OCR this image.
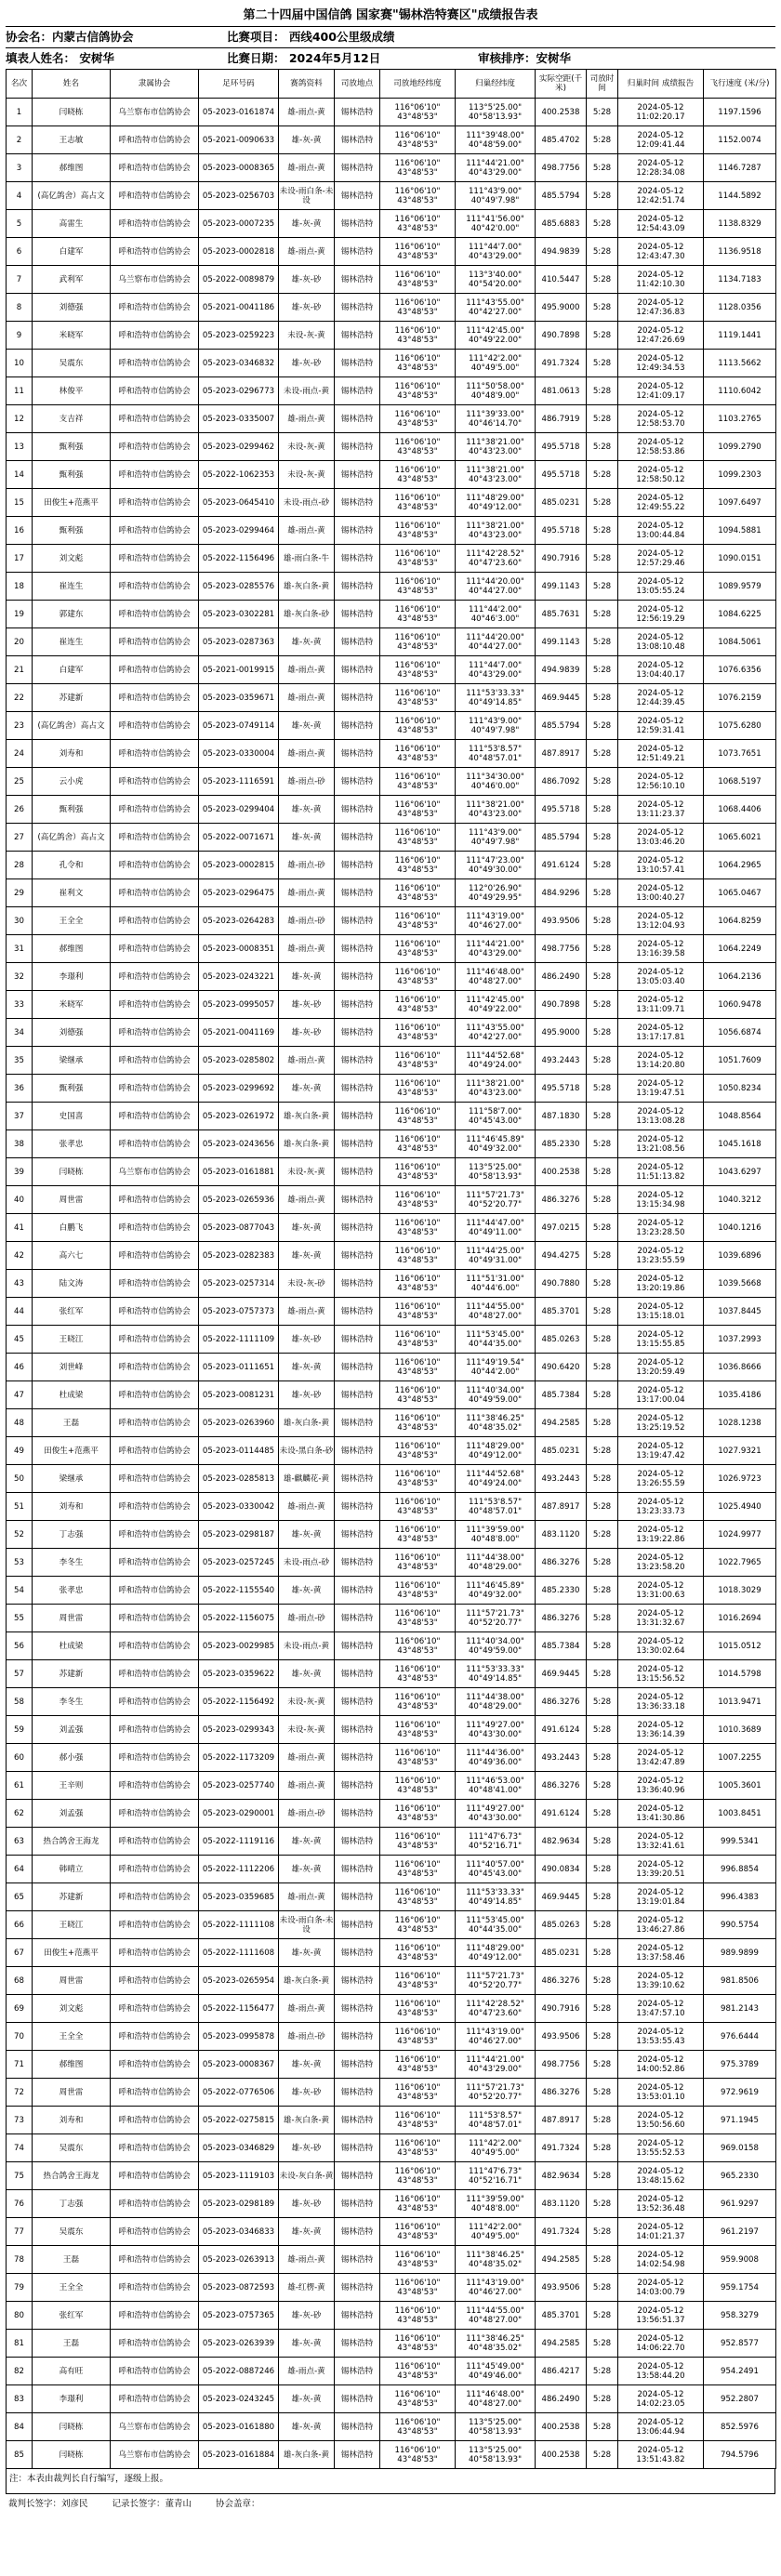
第二十四届中国信鸽 国家赛"锡林浩特赛区"成绩报告表
协会名：内蒙古信鸽协会	比赛项目： 西线400公里级成绩
填表人姓名： 安树华	比赛日期： 2024年5月12日	审核排序：安树华
名次	姓名	隶属协会	足环号码	赛鸽资料	司放地点	司放地经纬度	归巢经纬度	实际空距(千米)	司放时间	归巢时间 成绩报告	飞行速度 (米/分)
1	闫晓栋	乌兰察布市信鸽协会	05-2023-0161874	雄-雨点-黄	锡林浩特	116°06'10" 43°48'53"	113°5'25.00" 40°58'13.93"	400.2538	5:28	2024-05-12 11:02:20.17	1197.1596
2	王志敏	呼和浩特市信鸽协会	05-2021-0090633	雄-灰-黄	锡林浩特	116°06'10" 43°48'53"	111°39'48.00" 40°48'59.00"	485.4702	5:28	2024-05-12 12:09:41.44	1152.0074
3	郝维图	呼和浩特市信鸽协会	05-2023-0008365	雄-雨点-黄	锡林浩特	116°06'10" 43°48'53"	111°44'21.00" 40°43'29.00"	498.7756	5:28	2024-05-12 12:28:34.08	1146.7287
4	(高亿鸽舍）高占文	呼和浩特市信鸽协会	05-2023-0256703	未设-雨白条-未设	锡林浩特	116°06'10" 43°48'53"	111°43'9.00" 40°49'7.98"	485.5794	5:28	2024-05-12 12:42:51.74	1144.5892
5	高雷生	呼和浩特市信鸽协会	05-2023-0007235	雄-灰-黄	锡林浩特	116°06'10" 43°48'53"	111°41'56.00" 40°42'0.00"	485.6883	5:28	2024-05-12 12:54:43.09	1138.8329
6	白建军	呼和浩特市信鸽协会	05-2023-0002818	雄-雨点-黄	锡林浩特	116°06'10" 43°48'53"	111°44'7.00" 40°43'29.00"	494.9839	5:28	2024-05-12 12:43:47.30	1136.9518
7	武利军	乌兰察布市信鸽协会	05-2022-0089879	雄-灰-砂	锡林浩特	116°06'10" 43°48'53"	113°3'40.00" 40°54'20.00"	410.5447	5:28	2024-05-12 11:42:10.30	1134.7183
8	刘德强	呼和浩特市信鸽协会	05-2021-0041186	雄-灰-砂	锡林浩特	116°06'10" 43°48'53"	111°43'55.00" 40°42'27.00"	495.9000	5:28	2024-05-12 12:47:36.83	1128.0356
9	米晓军	呼和浩特市信鸽协会	05-2023-0259223	未设-灰-黄	锡林浩特	116°06'10" 43°48'53"	111°42'45.00" 40°49'22.00"	490.7898	5:28	2024-05-12 12:47:26.69	1119.1441
10	吴震东	呼和浩特市信鸽协会	05-2023-0346832	雄-灰-砂	锡林浩特	116°06'10" 43°48'53"	111°42'2.00" 40°49'5.00"	491.7324	5:28	2024-05-12 12:49:34.53	1113.5662
11	林俊平	呼和浩特市信鸽协会	05-2023-0296773	未设-雨点-黄	锡林浩特	116°06'10" 43°48'53"	111°50'58.00" 40°48'9.00"	481.0613	5:28	2024-05-12 12:41:09.17	1110.6042
12	支吉祥	呼和浩特市信鸽协会	05-2023-0335007	雄-雨点-黄	锡林浩特	116°06'10" 43°48'53"	111°39'33.00" 40°46'14.70"	486.7919	5:28	2024-05-12 12:58:53.70	1103.2765
13	甄利强	呼和浩特市信鸽协会	05-2023-0299462	未设-灰-黄	锡林浩特	116°06'10" 43°48'53"	111°38'21.00" 40°43'23.00"	495.5718	5:28	2024-05-12 12:58:53.86	1099.2790
14	甄利强	呼和浩特市信鸽协会	05-2022-1062353	未设-灰-黄	锡林浩特	116°06'10" 43°48'53"	111°38'21.00" 40°43'23.00"	495.5718	5:28	2024-05-12 12:58:50.12	1099.2303
15	田俊生+范燕平	呼和浩特市信鸽协会	05-2023-0645410	未设-雨点-砂	锡林浩特	116°06'10" 43°48'53"	111°48'29.00" 40°49'12.00"	485.0231	5:28	2024-05-12 12:49:55.22	1097.6497
16	甄利强	呼和浩特市信鸽协会	05-2023-0299464	雄-雨点-黄	锡林浩特	116°06'10" 43°48'53"	111°38'21.00" 40°43'23.00"	495.5718	5:28	2024-05-12 13:00:44.84	1094.5881
17	刘文彪	呼和浩特市信鸽协会	05-2022-1156496	雄-雨白条-牛	锡林浩特	116°06'10" 43°48'53"	111°42'28.52" 40°47'23.60"	490.7916	5:28	2024-05-12 12:57:29.46	1090.0151
18	崔连生	呼和浩特市信鸽协会	05-2023-0285576	雄-灰白条-黄	锡林浩特	116°06'10" 43°48'53"	111°44'20.00" 40°44'27.00"	499.1143	5:28	2024-05-12 13:05:55.24	1089.9579
19	郭建东	呼和浩特市信鸽协会	05-2023-0302281	雄-灰白条-砂	锡林浩特	116°06'10" 43°48'53"	111°44'2.00" 40°46'3.00"	485.7631	5:28	2024-05-12 12:56:19.29	1084.6225
20	崔连生	呼和浩特市信鸽协会	05-2023-0287363	雄-灰-黄	锡林浩特	116°06'10" 43°48'53"	111°44'20.00" 40°44'27.00"	499.1143	5:28	2024-05-12 13:08:10.48	1084.5061
21	白建军	呼和浩特市信鸽协会	05-2021-0019915	雄-雨点-黄	锡林浩特	116°06'10" 43°48'53"	111°44'7.00" 40°43'29.00"	494.9839	5:28	2024-05-12 13:04:40.17	1076.6356
22	苏建新	呼和浩特市信鸽协会	05-2023-0359671	雄-雨点-黄	锡林浩特	116°06'10" 43°48'53"	111°53'33.33" 40°49'14.85"	469.9445	5:28	2024-05-12 12:44:39.45	1076.2159
23	(高亿鸽舍）高占文	呼和浩特市信鸽协会	05-2023-0749114	雄-灰-黄	锡林浩特	116°06'10" 43°48'53"	111°43'9.00" 40°49'7.98"	485.5794	5:28	2024-05-12 12:59:31.41	1075.6280
24	刘寿和	呼和浩特市信鸽协会	05-2023-0330004	雄-雨点-黄	锡林浩特	116°06'10" 43°48'53"	111°53'8.57" 40°48'57.01"	487.8917	5:28	2024-05-12 12:51:49.21	1073.7651
25	云小虎	呼和浩特市信鸽协会	05-2023-1116591	雄-雨点-砂	锡林浩特	116°06'10" 43°48'53"	111°34'30.00" 40°46'0.00"	486.7092	5:28	2024-05-12 12:56:10.10	1068.5197
26	甄利强	呼和浩特市信鸽协会	05-2023-0299404	雄-灰-黄	锡林浩特	116°06'10" 43°48'53"	111°38'21.00" 40°43'23.00"	495.5718	5:28	2024-05-12 13:11:23.37	1068.4406
27	(高亿鸽舍）高占文	呼和浩特市信鸽协会	05-2022-0071671	雄-灰-黄	锡林浩特	116°06'10" 43°48'53"	111°43'9.00" 40°49'7.98"	485.5794	5:28	2024-05-12 13:03:46.20	1065.6021
28	孔令和	呼和浩特市信鸽协会	05-2023-0002815	雄-雨点-砂	锡林浩特	116°06'10" 43°48'53"	111°47'23.00" 40°49'30.00"	491.6124	5:28	2024-05-12 13:10:57.41	1064.2965
29	崔利文	呼和浩特市信鸽协会	05-2023-0296475	雄-雨点-黄	锡林浩特	116°06'10" 43°48'53"	112°0'26.90" 40°49'29.95"	484.9296	5:28	2024-05-12 13:00:40.27	1065.0467
30	王全全	呼和浩特市信鸽协会	05-2023-0264283	雄-雨点-砂	锡林浩特	116°06'10" 43°48'53"	111°43'19.00" 40°46'27.00"	493.9506	5:28	2024-05-12 13:12:04.93	1064.8259
31	郝维图	呼和浩特市信鸽协会	05-2023-0008351	雄-雨点-黄	锡林浩特	116°06'10" 43°48'53"	111°44'21.00" 40°43'29.00"	498.7756	5:28	2024-05-12 13:16:39.58	1064.2249
32	李璟利	呼和浩特市信鸽协会	05-2023-0243221	雄-灰-黄	锡林浩特	116°06'10" 43°48'53"	111°46'48.00" 40°48'27.00"	486.2490	5:28	2024-05-12 13:05:03.40	1064.2136
33	米晓军	呼和浩特市信鸽协会	05-2023-0995057	雄-灰-砂	锡林浩特	116°06'10" 43°48'53"	111°42'45.00" 40°49'22.00"	490.7898	5:28	2024-05-12 13:11:09.71	1060.9478
34	刘德强	呼和浩特市信鸽协会	05-2021-0041169	雄-灰-砂	锡林浩特	116°06'10" 43°48'53"	111°43'55.00" 40°42'27.00"	495.9000	5:28	2024-05-12 13:17:17.81	1056.6874
35	梁继承	呼和浩特市信鸽协会	05-2023-0285802	雄-雨点-黄	锡林浩特	116°06'10" 43°48'53"	111°44'52.68" 40°49'24.00"	493.2443	5:28	2024-05-12 13:14:20.80	1051.7609
36	甄利强	呼和浩特市信鸽协会	05-2023-0299692	雄-灰-黄	锡林浩特	116°06'10" 43°48'53"	111°38'21.00" 40°43'23.00"	495.5718	5:28	2024-05-12 13:19:47.51	1050.8234
37	史国喜	呼和浩特市信鸽协会	05-2023-0261972	雄-灰白条-黄	锡林浩特	116°06'10" 43°48'53"	111°58'7.00" 40°45'43.00"	487.1830	5:28	2024-05-12 13:13:08.28	1048.8564
38	张孝忠	呼和浩特市信鸽协会	05-2023-0243656	雄-灰白条-黄	锡林浩特	116°06'10" 43°48'53"	111°46'45.89" 40°49'32.00"	485.2330	5:28	2024-05-12 13:21:08.56	1045.1618
39	闫晓栋	乌兰察布市信鸽协会	05-2023-0161881	未设-灰-黄	锡林浩特	116°06'10" 43°48'53"	113°5'25.00" 40°58'13.93"	400.2538	5:28	2024-05-12 11:51:13.82	1043.6297
40	周世雷	呼和浩特市信鸽协会	05-2023-0265936	雄-雨点-黄	锡林浩特	116°06'10" 43°48'53"	111°57'21.73" 40°52'20.77"	486.3276	5:28	2024-05-12 13:15:34.98	1040.3212
41	白鹏飞	呼和浩特市信鸽协会	05-2023-0877043	雄-灰-黄	锡林浩特	116°06'10" 43°48'53"	111°44'47.00" 40°49'11.00"	497.0215	5:28	2024-05-12 13:23:28.50	1040.1216
42	高六七	呼和浩特市信鸽协会	05-2023-0282383	雄-灰-黄	锡林浩特	116°06'10" 43°48'53"	111°44'25.00" 40°49'31.00"	494.4275	5:28	2024-05-12 13:23:55.59	1039.6896
43	陆文涛	呼和浩特市信鸽协会	05-2023-0257314	未设-灰-砂	锡林浩特	116°06'10" 43°48'53"	111°51'31.00" 40°44'6.00"	490.7880	5:28	2024-05-12 13:20:19.86	1039.5668
44	张红军	呼和浩特市信鸽协会	05-2023-0757373	雄-雨点-黄	锡林浩特	116°06'10" 43°48'53"	111°44'55.00" 40°48'27.00"	485.3701	5:28	2024-05-12 13:15:18.01	1037.8445
45	王晓江	呼和浩特市信鸽协会	05-2022-1111109	雄-灰-砂	锡林浩特	116°06'10" 43°48'53"	111°53'45.00" 40°44'35.00"	485.0263	5:28	2024-05-12 13:15:55.85	1037.2993
46	刘世峰	呼和浩特市信鸽协会	05-2023-0111651	雄-灰-黄	锡林浩特	116°06'10" 43°48'53"	111°49'19.54" 40°44'2.00"	490.6420	5:28	2024-05-12 13:20:59.49	1036.8666
47	杜成梁	呼和浩特市信鸽协会	05-2023-0081231	雄-灰-砂	锡林浩特	116°06'10" 43°48'53"	111°40'34.00" 40°49'59.00"	485.7384	5:28	2024-05-12 13:17:00.04	1035.4186
48	王磊	呼和浩特市信鸽协会	05-2023-0263960	雄-灰白条-黄	锡林浩特	116°06'10" 43°48'53"	111°38'46.25" 40°48'35.02"	494.2585	5:28	2024-05-12 13:25:19.52	1028.1238
49	田俊生+范燕平	呼和浩特市信鸽协会	05-2023-0114485	未设-黑白条-砂	锡林浩特	116°06'10" 43°48'53"	111°48'29.00" 40°49'12.00"	485.0231	5:28	2024-05-12 13:19:47.42	1027.9321
50	梁继承	呼和浩特市信鸽协会	05-2023-0285813	雄-麒麟花-黄	锡林浩特	116°06'10" 43°48'53"	111°44'52.68" 40°49'24.00"	493.2443	5:28	2024-05-12 13:26:55.59	1026.9723
51	刘寿和	呼和浩特市信鸽协会	05-2023-0330042	雄-雨点-黄	锡林浩特	116°06'10" 43°48'53"	111°53'8.57" 40°48'57.01"	487.8917	5:28	2024-05-12 13:23:33.73	1025.4940
52	丁志强	呼和浩特市信鸽协会	05-2023-0298187	雄-灰-黄	锡林浩特	116°06'10" 43°48'53"	111°39'59.00" 40°48'8.00"	483.1120	5:28	2024-05-12 13:19:22.86	1024.9977
53	李冬生	呼和浩特市信鸽协会	05-2023-0257245	未设-雨点-砂	锡林浩特	116°06'10" 43°48'53"	111°44'38.00" 40°48'29.00"	486.3276	5:28	2024-05-12 13:23:58.20	1022.7965
54	张孝忠	呼和浩特市信鸽协会	05-2022-1155540	雄-灰-黄	锡林浩特	116°06'10" 43°48'53"	111°46'45.89" 40°49'32.00"	485.2330	5:28	2024-05-12 13:31:00.63	1018.3029
55	周世雷	呼和浩特市信鸽协会	05-2022-1156075	雄-雨点-砂	锡林浩特	116°06'10" 43°48'53"	111°57'21.73" 40°52'20.77"	486.3276	5:28	2024-05-12 13:31:32.67	1016.2694
56	杜成梁	呼和浩特市信鸽协会	05-2023-0029985	未设-雨点-黄	锡林浩特	116°06'10" 43°48'53"	111°40'34.00" 40°49'59.00"	485.7384	5:28	2024-05-12 13:30:02.64	1015.0512
57	苏建新	呼和浩特市信鸽协会	05-2023-0359622	雄-灰-黄	锡林浩特	116°06'10" 43°48'53"	111°53'33.33" 40°49'14.85"	469.9445	5:28	2024-05-12 13:15:56.52	1014.5798
58	李冬生	呼和浩特市信鸽协会	05-2022-1156492	未设-灰-黄	锡林浩特	116°06'10" 43°48'53"	111°44'38.00" 40°48'29.00"	486.3276	5:28	2024-05-12 13:36:33.18	1013.9471
59	刘孟强	呼和浩特市信鸽协会	05-2023-0299343	未设-灰-黄	锡林浩特	116°06'10" 43°48'53"	111°49'27.00" 40°43'30.00"	491.6124	5:28	2024-05-12 13:36:14.39	1010.3689
60	郝小强	呼和浩特市信鸽协会	05-2022-1173209	雄-雨点-黄	锡林浩特	116°06'10" 43°48'53"	111°44'36.00" 40°49'36.00"	493.2443	5:28	2024-05-12 13:42:47.89	1007.2255
61	王辛则	呼和浩特市信鸽协会	05-2023-0257740	雄-雨点-黄	锡林浩特	116°06'10" 43°48'53"	111°46'53.00" 40°48'41.00"	486.3276	5:28	2024-05-12 13:36:40.96	1005.3601
62	刘孟强	呼和浩特市信鸽协会	05-2023-0290001	雄-雨点-砂	锡林浩特	116°06'10" 43°48'53"	111°49'27.00" 40°43'30.00"	491.6124	5:28	2024-05-12 13:41:30.86	1003.8451
63	热合鸽舍王海龙	呼和浩特市信鸽协会	05-2022-1119116	雄-灰-黄	锡林浩特	116°06'10" 43°48'53"	111°47'6.73" 40°52'16.71"	482.9634	5:28	2024-05-12 13:32:41.61	999.5341
64	韩晴立	呼和浩特市信鸽协会	05-2022-1112206	雄-灰-黄	锡林浩特	116°06'10" 43°48'53"	111°40'57.00" 40°45'43.00"	490.0834	5:28	2024-05-12 13:39:20.51	996.8854
65	苏建新	呼和浩特市信鸽协会	05-2023-0359685	雄-雨点-黄	锡林浩特	116°06'10" 43°48'53"	111°53'33.33" 40°49'14.85"	469.9445	5:28	2024-05-12 13:19:01.84	996.4383
66	王晓江	呼和浩特市信鸽协会	05-2022-1111108	未设-雨白条-未设	锡林浩特	116°06'10" 43°48'53"	111°53'45.00" 40°44'35.00"	485.0263	5:28	2024-05-12 13:46:27.86	990.5754
67	田俊生+范燕平	呼和浩特市信鸽协会	05-2022-1111608	雄-灰-黄	锡林浩特	116°06'10" 43°48'53"	111°48'29.00" 40°49'12.00"	485.0231	5:28	2024-05-12 13:37:58.46	989.9899
68	周世雷	呼和浩特市信鸽协会	05-2023-0265954	雄-灰白条-黄	锡林浩特	116°06'10" 43°48'53"	111°57'21.73" 40°52'20.77"	486.3276	5:28	2024-05-12 13:39:10.62	981.8506
69	刘文彪	呼和浩特市信鸽协会	05-2022-1156477	雄-雨点-黄	锡林浩特	116°06'10" 43°48'53"	111°42'28.52" 40°47'23.60"	490.7916	5:28	2024-05-12 13:47:57.10	981.2143
70	王全全	呼和浩特市信鸽协会	05-2023-0995878	雄-雨点-砂	锡林浩特	116°06'10" 43°48'53"	111°43'19.00" 40°46'27.00"	493.9506	5:28	2024-05-12 13:53:55.43	976.6444
71	郝维图	呼和浩特市信鸽协会	05-2023-0008367	雄-灰-黄	锡林浩特	116°06'10" 43°48'53"	111°44'21.00" 40°43'29.00"	498.7756	5:28	2024-05-12 14:00:52.86	975.3789
72	周世雷	呼和浩特市信鸽协会	05-2022-0776506	雄-灰-砂	锡林浩特	116°06'10" 43°48'53"	111°57'21.73" 40°52'20.77"	486.3276	5:28	2024-05-12 13:53:01.10	972.9619
73	刘寿和	呼和浩特市信鸽协会	05-2022-0275815	雄-灰白条-黄	锡林浩特	116°06'10" 43°48'53"	111°53'8.57" 40°48'57.01"	487.8917	5:28	2024-05-12 13:50:56.60	971.1945
74	吴震东	呼和浩特市信鸽协会	05-2023-0346829	雄-灰-砂	锡林浩特	116°06'10" 43°48'53"	111°42'2.00" 40°49'5.00"	491.7324	5:28	2024-05-12 13:55:52.53	969.0158
75	热合鸽舍王海龙	呼和浩特市信鸽协会	05-2023-1119103	未设-灰白条-黄	锡林浩特	116°06'10" 43°48'53"	111°47'6.73" 40°52'16.71"	482.9634	5:28	2024-05-12 13:48:15.62	965.2330
76	丁志强	呼和浩特市信鸽协会	05-2023-0298189	雄-灰-砂	锡林浩特	116°06'10" 43°48'53"	111°39'59.00" 40°48'8.00"	483.1120	5:28	2024-05-12 13:52:36.48	961.9297
77	吴震东	呼和浩特市信鸽协会	05-2023-0346833	雄-灰-黄	锡林浩特	116°06'10" 43°48'53"	111°42'2.00" 40°49'5.00"	491.7324	5:28	2024-05-12 14:01:21.37	961.2197
78	王磊	呼和浩特市信鸽协会	05-2023-0263913	雄-雨点-黄	锡林浩特	116°06'10" 43°48'53"	111°38'46.25" 40°48'35.02"	494.2585	5:28	2024-05-12 14:02:54.98	959.9008
79	王全全	呼和浩特市信鸽协会	05-2023-0872593	雄-红楞-黄	锡林浩特	116°06'10" 43°48'53"	111°43'19.00" 40°46'27.00"	493.9506	5:28	2024-05-12 14:03:00.79	959.1754
80	张红军	呼和浩特市信鸽协会	05-2023-0757365	雄-灰-砂	锡林浩特	116°06'10" 43°48'53"	111°44'55.00" 40°48'27.00"	485.3701	5:28	2024-05-12 13:56:51.37	958.3279
81	王磊	呼和浩特市信鸽协会	05-2023-0263939	雄-灰-黄	锡林浩特	116°06'10" 43°48'53"	111°38'46.25" 40°48'35.02"	494.2585	5:28	2024-05-12 14:06:22.70	952.8577
82	高有旺	呼和浩特市信鸽协会	05-2022-0887246	雄-雨点-黄	锡林浩特	116°06'10" 43°48'53"	111°45'49.00" 40°49'46.00"	486.4217	5:28	2024-05-12 13:58:44.20	954.2491
83	李璟利	呼和浩特市信鸽协会	05-2023-0243245	雄-灰-黄	锡林浩特	116°06'10" 43°48'53"	111°46'48.00" 40°48'27.00"	486.2490	5:28	2024-05-12 14:02:23.05	952.2807
84	闫晓栋	乌兰察布市信鸽协会	05-2023-0161880	雄-灰-黄	锡林浩特	116°06'10" 43°48'53"	113°5'25.00" 40°58'13.93"	400.2538	5:28	2024-05-12 13:06:44.94	852.5976
85	闫晓栋	乌兰察布市信鸽协会	05-2023-0161884	雄-灰白条-黄	锡林浩特	116°06'10" 43°48'53"	113°5'25.00" 40°58'13.93"	400.2538	5:28	2024-05-12 13:51:43.82	794.5796
注：本表由裁判长自行编写，逐级上报。
裁判长签字：刘彦民	记录长签字：董青山	协会盖章：
